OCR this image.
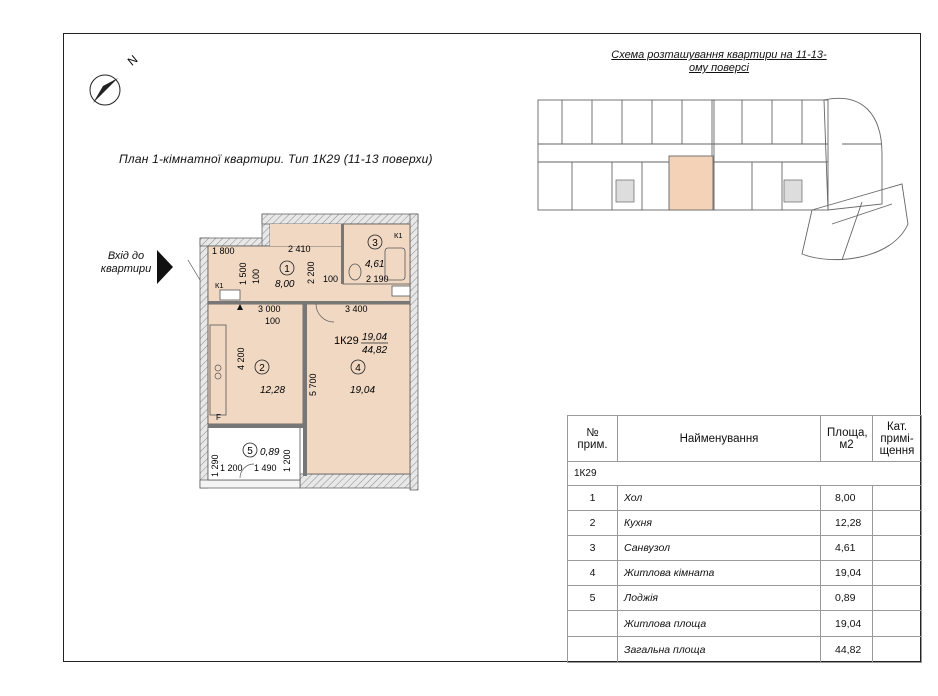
N
План 1-кімнатної квартири. Тип 1К29 (11-13 поверхи)
Схема розташування квартири на 11-13-ому поверсі
Вхід до квартири	1
8,00
2
12,28
3
4,61
1К29 19,04
44,82
4
19,04
5 0,89
1 800	2 410
1 500 100	2 200 100	2 190
3 000
100
3 400
4 200
5 700
1 290 1 200 1 490 1 200
К1
К1
F
№ прим.	Найменування	Площа, м2	Кат. примі-щення
1К29			
1	Хол	8,00	
2	Кухня	12,28	
3	Санвузол	4,61	
4	Житлова кімната	19,04	
5	Лоджія	0,89	
	Житлова площа	19,04	
	Загальна площа	44,82	
